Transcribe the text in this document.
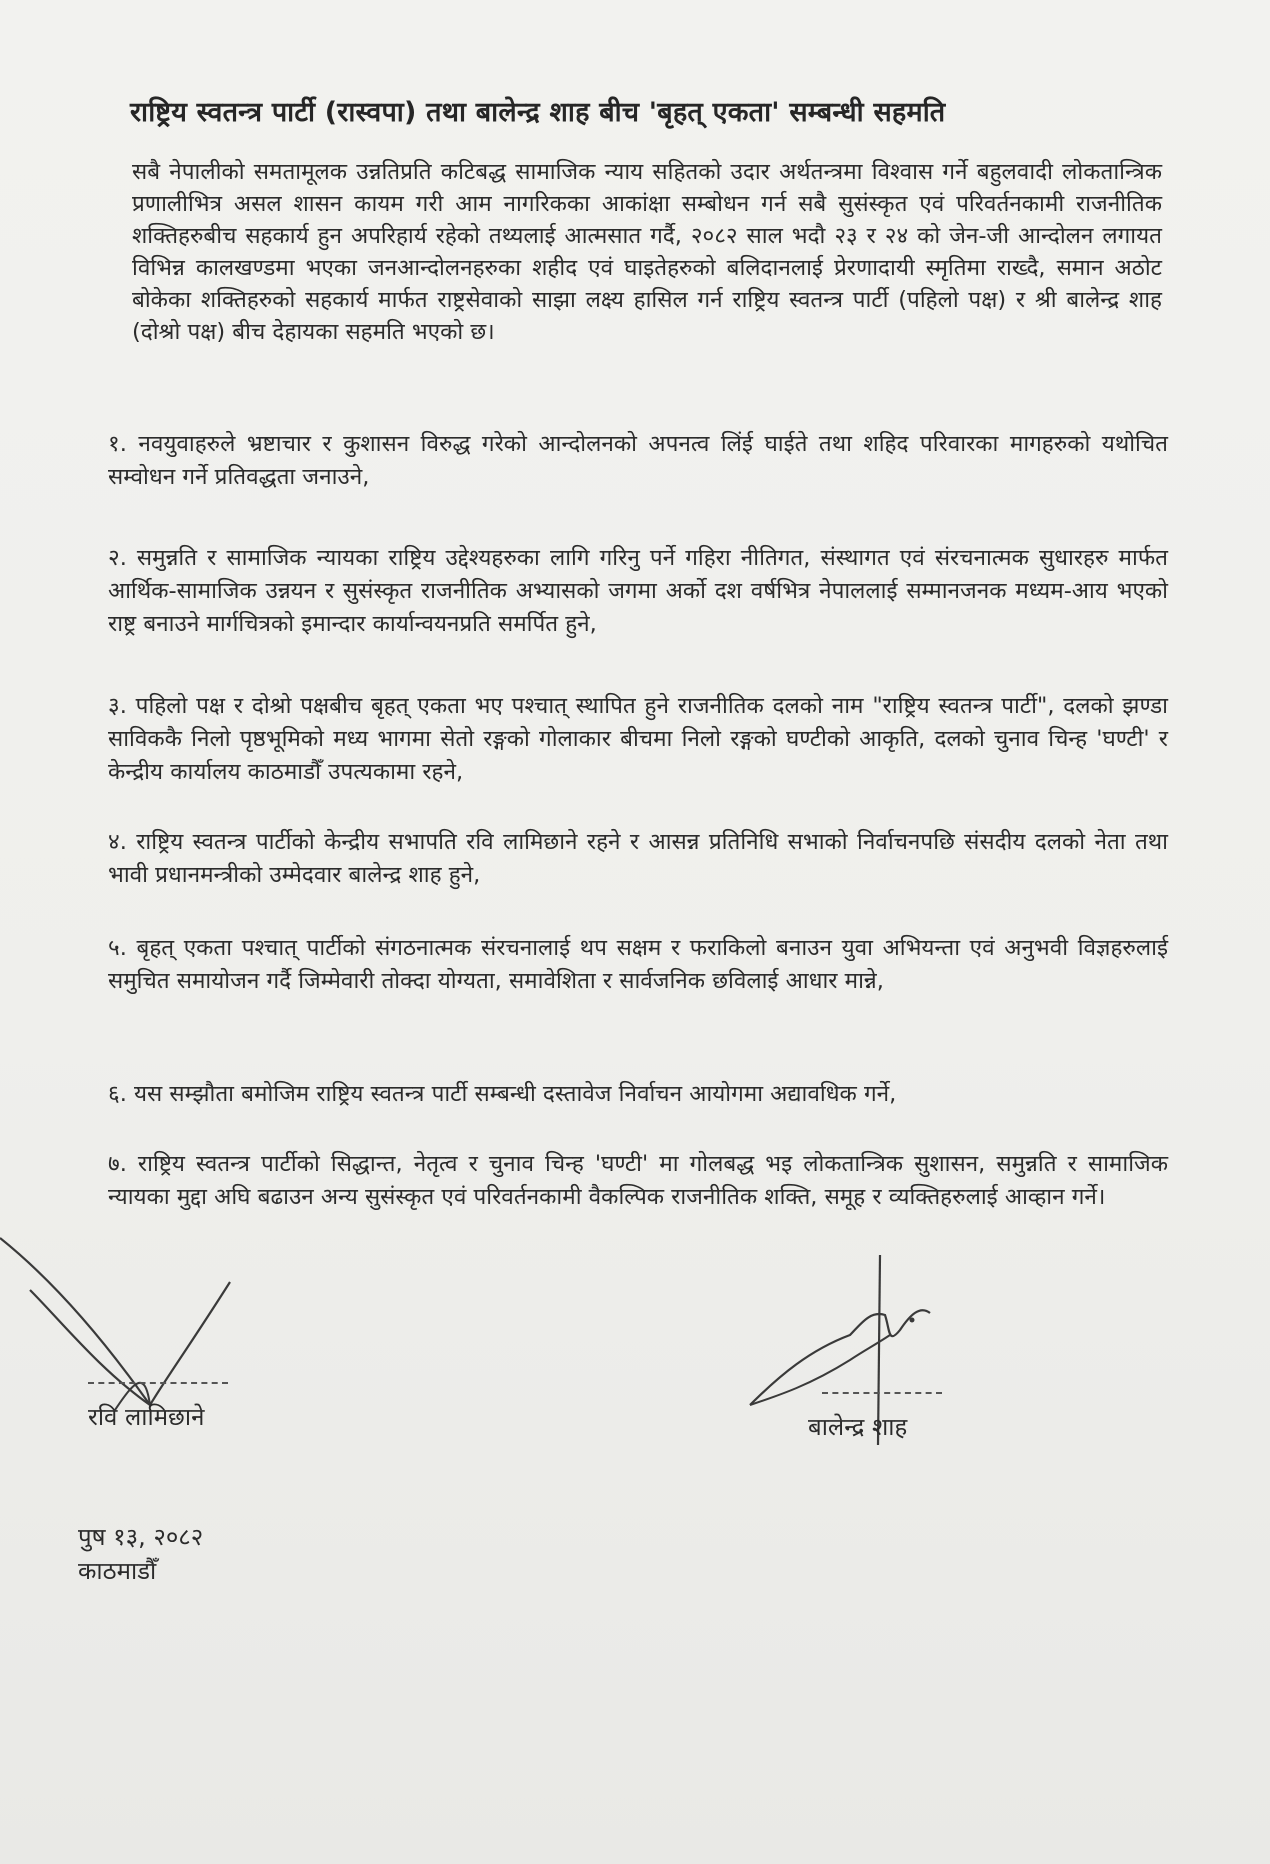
राष्ट्रिय स्वतन्त्र पार्टी (रास्वपा) तथा बालेन्द्र शाह बीच 'बृहत् एकता' सम्बन्धी सहमति
सबै नेपालीको समतामूलक उन्नतिप्रति कटिबद्ध सामाजिक न्याय सहितको उदार अर्थतन्त्रमा विश्वास गर्ने बहुलवादी लोकतान्त्रिक प्रणालीभित्र असल शासन कायम गरी आम नागरिकका आकांक्षा सम्बोधन गर्न सबै सुसंस्कृत एवं परिवर्तनकामी राजनीतिक शक्तिहरुबीच सहकार्य हुन अपरिहार्य रहेको तथ्यलाई आत्मसात गर्दै, २०८२ साल भदौ २३ र २४ को जेन-जी आन्दोलन लगायत विभिन्न कालखण्डमा भएका जनआन्दोलनहरुका शहीद एवं घाइतेहरुको बलिदानलाई प्रेरणादायी स्मृतिमा राख्दै, समान अठोट बोकेका शक्तिहरुको सहकार्य मार्फत राष्ट्रसेवाको साझा लक्ष्य हासिल गर्न राष्ट्रिय स्वतन्त्र पार्टी (पहिलो पक्ष) र श्री बालेन्द्र शाह (दोश्रो पक्ष) बीच देहायका सहमति भएको छ।
१. नवयुवाहरुले भ्रष्टाचार र कुशासन विरुद्ध गरेको आन्दोलनको अपनत्व लिंई घाईते तथा शहिद परिवारका मागहरुको यथोचित सम्वोधन गर्ने प्रतिवद्धता जनाउने,
२. समुन्नति र सामाजिक न्यायका राष्ट्रिय उद्देश्यहरुका लागि गरिनु पर्ने गहिरा नीतिगत, संस्थागत एवं संरचनात्मक सुधारहरु मार्फत आर्थिक-सामाजिक उन्नयन र सुसंस्कृत राजनीतिक अभ्यासको जगमा अर्को दश वर्षभित्र नेपाललाई सम्मानजनक मध्यम-आय भएको राष्ट्र बनाउने मार्गचित्रको इमान्दार कार्यान्वयनप्रति समर्पित हुने,
३. पहिलो पक्ष र दोश्रो पक्षबीच बृहत् एकता भए पश्चात् स्थापित हुने राजनीतिक दलको नाम "राष्ट्रिय स्वतन्त्र पार्टी", दलको झण्डा साविककै निलो पृष्ठभूमिको मध्य भागमा सेतो रङ्गको गोलाकार बीचमा निलो रङ्गको घण्टीको आकृति, दलको चुनाव चिन्ह 'घण्टी' र केन्द्रीय कार्यालय काठमाडौँ उपत्यकामा रहने,
४. राष्ट्रिय स्वतन्त्र पार्टीको केन्द्रीय सभापति रवि लामिछाने रहने र आसन्न प्रतिनिधि सभाको निर्वाचनपछि संसदीय दलको नेता तथा भावी प्रधानमन्त्रीको उम्मेदवार बालेन्द्र शाह हुने,
५. बृहत् एकता पश्चात् पार्टीको संगठनात्मक संरचनालाई थप सक्षम र फराकिलो बनाउन युवा अभियन्ता एवं अनुभवी विज्ञहरुलाई समुचित समायोजन गर्दै जिम्मेवारी तोक्दा योग्यता, समावेशिता र सार्वजनिक छविलाई आधार मान्ने,
६. यस सम्झौता बमोजिम राष्ट्रिय स्वतन्त्र पार्टी सम्बन्धी दस्तावेज निर्वाचन आयोगमा अद्यावधिक गर्ने,
७. राष्ट्रिय स्वतन्त्र पार्टीको सिद्धान्त, नेतृत्व र चुनाव चिन्ह 'घण्टी' मा गोलबद्ध भइ लोकतान्त्रिक सुशासन, समुन्नति र सामाजिक न्यायका मुद्दा अघि बढाउन अन्य सुसंस्कृत एवं परिवर्तनकामी वैकल्पिक राजनीतिक शक्ति, समूह र व्यक्तिहरुलाई आव्हान गर्ने।
रवि लामिछाने	बालेन्द्र शाह
पुष १३, २०८२
काठमाडौँ
